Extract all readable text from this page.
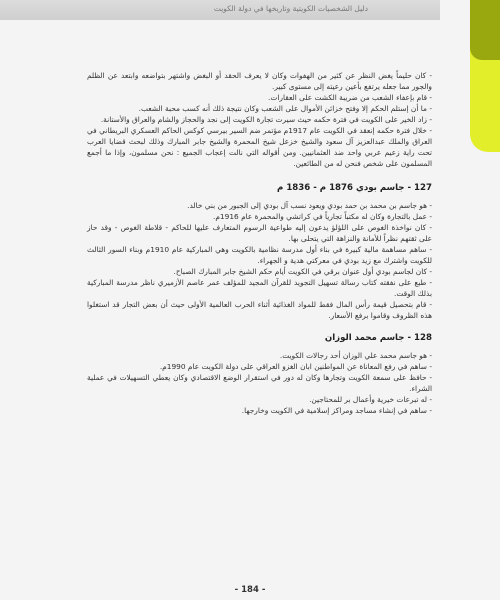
دليل الشخصيات الكويتية وتاريخها في دولة الكويت

- كان حليماً يغض النظر عن كثير من الهفوات وكان لا يعرف الحقد أو البغض واشتهر بتواضعه وابتعد عن الظلم والجور مما جعله يرتفع بأعين رعيته إلى مستوى كبير.

- قام بإعفاء الشعب من ضريبة الكشت على العقارات.

- ما أن إستلم الحكم إلا وفتح خزائن الأموال على الشعب وكان نتيجة ذلك أنه كسب محبة الشعب.

- زاد الخير على الكويت في فترة حكمه حيث سيرت تجارة الكويت إلى نجد والحجاز والشام والعراق والأستانة.

- خلال فترة حكمه إنعقد في الكويت عام 1917م مؤتمر ضم السير بيرسي كوكس الحاكم العسكري البريطاني في العراق والملك عبدالعزيز آل سعود والشيخ خزعل شيخ المحمرة والشيخ جابر المبارك وذلك لبحث قضايا العرب تحت راية زعيم عربي واحد ضد العثمانيين. ومن أقواله التي نالت إعجاب الجميع : نحن مسلمون، وإذا ما أجمع المسلمون على شخص فنحن له من الطائعين.

127 - جاسم بودي 1876 م - 1836 م

- هو جاسم بن محمد بن حمد بودي ويعود نسب آل بودي إلى الجبور من بني خالد.

- عمل بالتجارة وكان له مكتباً تجارياً في كراتشي والمحمرة عام 1916م.

- كان نواخذة الغوص على اللؤلؤ يدعون إليه طواعية الرسوم المتعارف عليها للحاكم - قلاطة الغوص - وقد حاز على ثقتهم نظراً للأمانة والنزاهة التي يتحلى بها.

- ساهم مساهمة مالية كبيرة في بناء أول مدرسة نظامية بالكويت وهي المباركية عام 1910م وبناء السور الثالث للكويت واشترك مع زيد بودي في معركتي هدية و الجهراء.

- كان لجاسم بودي أول عنوان برقي في الكويت أيام حكم الشيخ جابر المبارك الصباح.

- طبع على نفقته كتاب رسالة تسهيل التجويد للقرآن المجيد للمؤلف عمر عاصم الأزميري ناظر مدرسة المباركية بذلك الوقت.

- قام بتحصيل قيمة رأس المال فقط للمواد الغذائية أثناء الحرب العالمية الأولى حيث أن بعض التجار قد استغلوا هذه الظروف وقاموا برفع الأسعار.

128 - جاسم محمد الوزان

- هو جاسم محمد علي الوزان أحد رجالات الكويت.

- ساهم في رفع المعاناة عن المواطنين ابان الغزو العراقي على دولة الكويت عام 1990م.

- حافظ على سمعة الكويت وتجارها وكان له دور في استقرار الوضع الاقتصادي وكان يعطي التسهيلات في عملية الشراء.

- له تبرعات خيرية وأعمال بر للمحتاجين.

- ساهم في إنشاء مساجد ومراكز إسلامية في الكويت وخارجها.

- 184 -
